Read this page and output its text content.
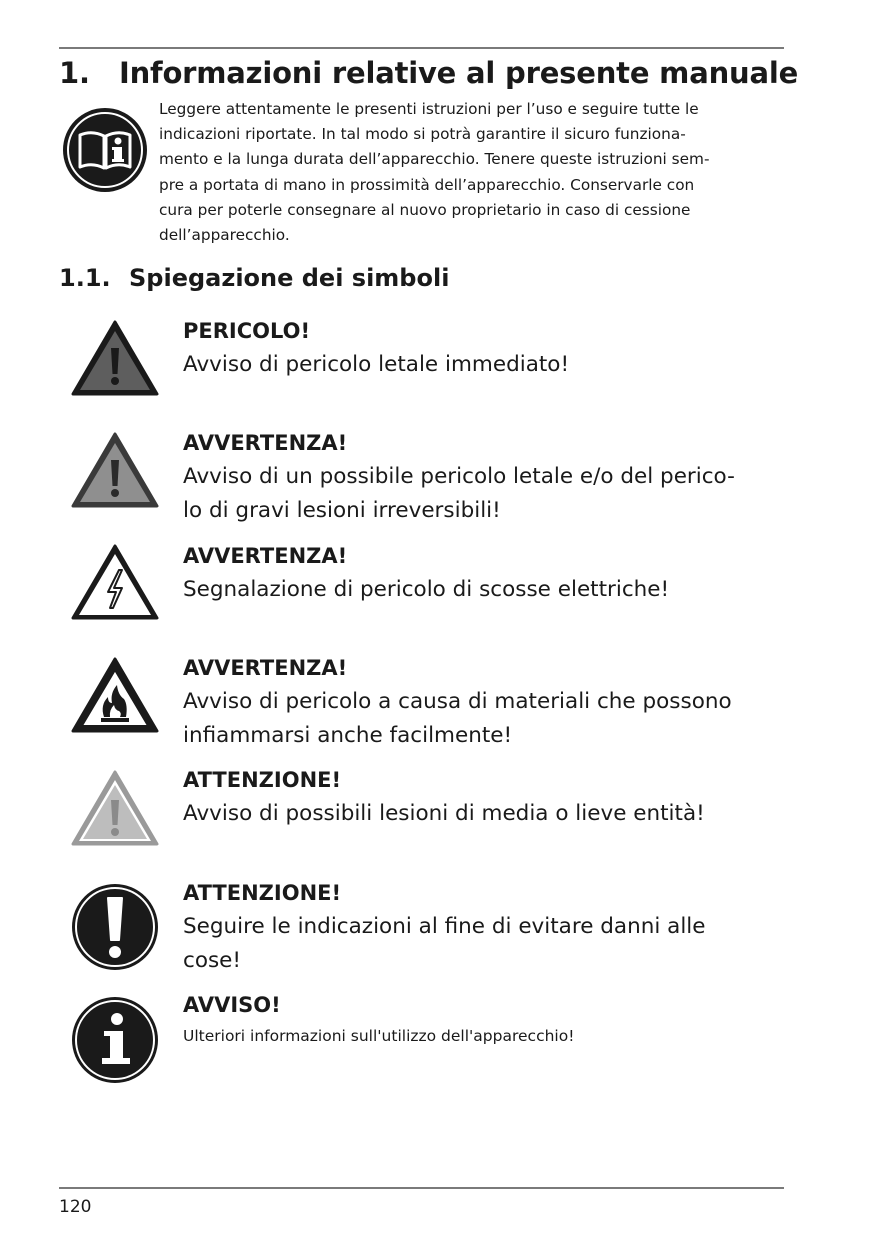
1. Informazioni relative al presente manuale
Leggere attentamente le presenti istruzioni per l’uso e seguire tutte le
indicazioni riportate. In tal modo si potrà garantire il sicuro funziona-
mento e la lunga durata dell’apparecchio. Tenere queste istruzioni sem-
pre a portata di mano in prossimità dell’apparecchio. Conservarle con
cura per poterle consegnare al nuovo proprietario in caso di cessione
dell’apparecchio.
1.1. Spiegazione dei simboli
PERICOLO!
Avviso di pericolo letale immediato!
AVVERTENZA!
Avviso di un possibile pericolo letale e/o del perico-
lo di gravi lesioni irreversibili!
AVVERTENZA!
Segnalazione di pericolo di scosse elettriche!
AVVERTENZA!
Avviso di pericolo a causa di materiali che possono
infiammarsi anche facilmente!
ATTENZIONE!
Avviso di possibili lesioni di media o lieve entità!
ATTENZIONE!
Seguire le indicazioni al fine di evitare danni alle
cose!
AVVISO!
Ulteriori informazioni sull'utilizzo dell'apparecchio!
120
